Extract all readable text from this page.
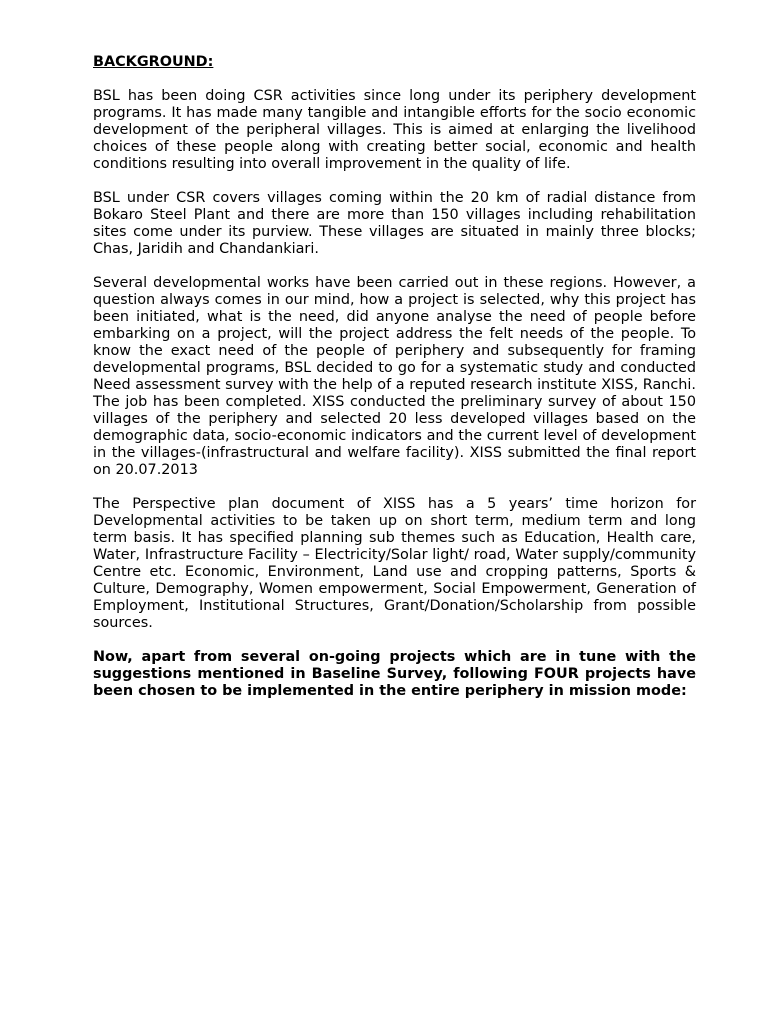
BACKGROUND:

BSL has been doing CSR activities since long under its periphery development programs. It has made many tangible and intangible efforts for the socio economic development of the peripheral villages. This is aimed at enlarging the livelihood choices of these people along with creating better social, economic and health conditions resulting into overall improvement in the quality of life.

BSL under CSR covers villages coming within the 20 km of radial distance from Bokaro Steel Plant and there are more than 150 villages including rehabilitation sites come under its purview. These villages are situated in mainly three blocks; Chas, Jaridih and Chandankiari.

Several developmental works have been carried out in these regions. However, a question always comes in our mind, how a project is selected, why this project has been initiated, what is the need, did anyone analyse the need of people before embarking on a project, will the project address the felt needs of the people. To know the exact need of the people of periphery and subsequently for framing developmental programs, BSL decided to go for a systematic study and conducted Need assessment survey with the help of a reputed research institute XISS, Ranchi. The job has been completed. XISS conducted the preliminary survey of about 150 villages of the periphery and selected 20 less developed villages based on the demographic data, socio-economic indicators and the current level of development in the villages-(infrastructural and welfare facility). XISS submitted the final report on 20.07.2013

The Perspective plan document of XISS has a 5 years’ time horizon for Developmental activities to be taken up on short term, medium term and long term basis. It has specified planning sub themes such as Education, Health care, Water, Infrastructure Facility – Electricity/Solar light/ road, Water supply/community Centre etc. Economic, Environment, Land use and cropping patterns, Sports & Culture, Demography, Women empowerment, Social Empowerment, Generation of Employment, Institutional Structures, Grant/Donation/Scholarship from possible sources.

Now, apart from several on-going projects which are in tune with the suggestions mentioned in Baseline Survey, following FOUR projects have been chosen to be implemented in the entire periphery in mission mode:
